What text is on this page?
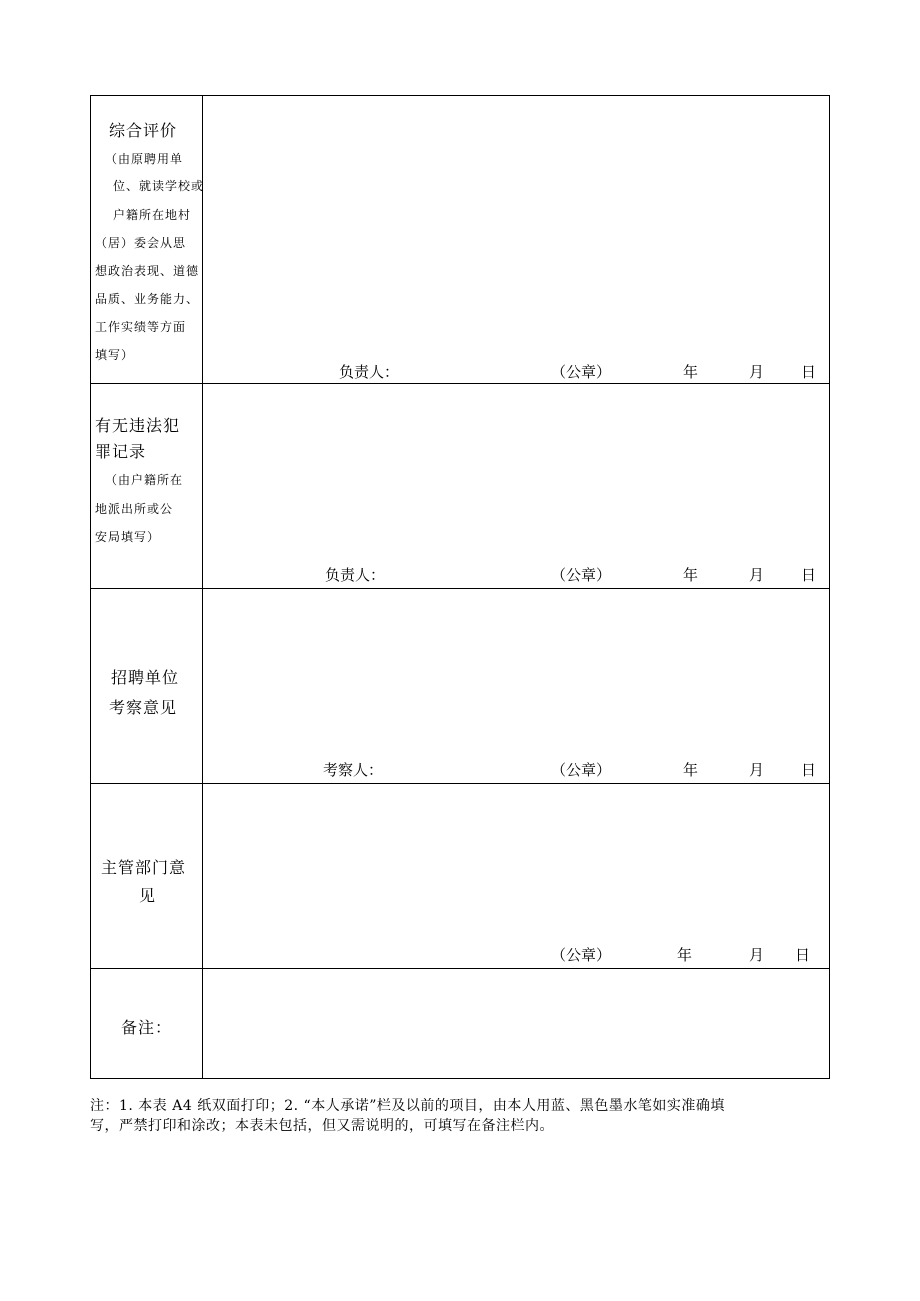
综合评价
（由原聘用单
位、就读学校或
户籍所在地村
（居）委会从思
想政治表现、道德
品质、业务能力、
工作实绩等方面
填写）
负责人：	（公章）	年	月 日
有无违法犯
罪记录
（由户籍所在
地派出所或公
安局填写）
负责人：	（公章）	年	月 日
招聘单位
考察意见
考察人：	（公章）	年	月 日
主管部门意
见
（公章）	年	月 日
备注：
注：1. 本表 A4 纸双面打印；2. “本人承诺”栏及以前的项目，由本人用蓝、黑色墨水笔如实准确填
写，严禁打印和涂改；本表未包括，但又需说明的，可填写在备注栏内。
